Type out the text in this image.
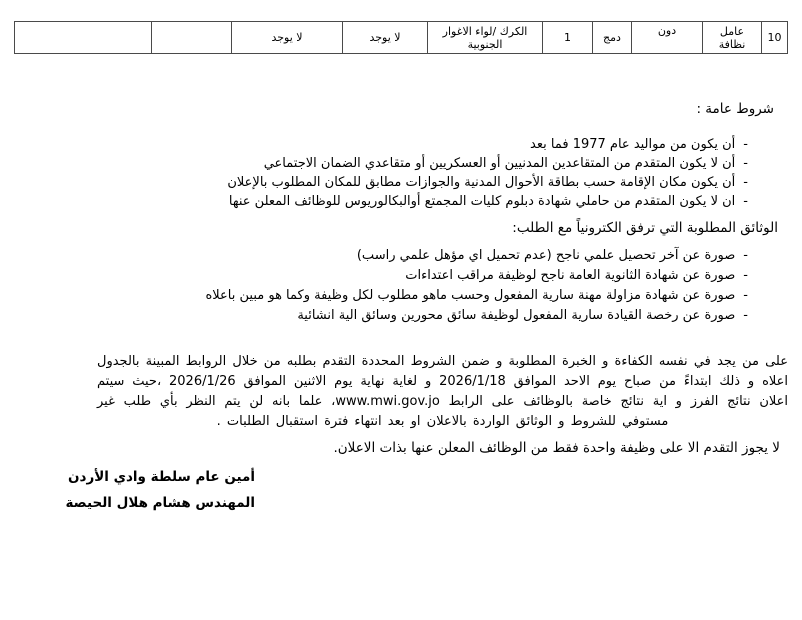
10	عامل نظافة	دون	دمج	1	الكرك /لواء الاغوار الجنوبية	لا يوجد	لا يوجد		
شروط عامة :
-
أن يكون من مواليد عام 1977 فما بعد
-
أن لا يكون المتقدم من المتقاعدين المدنيين أو العسكريين أو متقاعدي الضمان الاجتماعي
-
أن يكون مكان الإقامة حسب بطاقة الأحوال المدنية والجوازات مطابق للمكان المطلوب بالإعلان
-
ان لا يكون المتقدم من حاملي شهادة دبلوم كليات المجمتع أوالبكالوريوس للوظائف المعلن عنها
الوثائق المطلوبة التي ترفق الكترونياً مع الطلب:
-
صورة عن آخر تحصيل علمي ناجح (عدم تحميل اي مؤهل علمي راسب)
-
صورة عن شهادة الثانوية العامة ناجح لوظيفة مراقب اعتداءات
-
صورة عن شهادة مزاولة مهنة سارية المفعول وحسب ماهو مطلوب لكل وظيفة وكما هو مبين باعلاه
-
صورة عن رخصة القيادة سارية المفعول لوظيفة سائق محورين وسائق الية انشائية

على من يجد في نفسه الكفاءة و الخبرة المطلوبة و ضمن الشروط المحددة التقدم بطلبه من خلال الروابط المبينة بالجدول اعلاه و ذلك ابتداءً من صباح يوم الاحد الموافق 2026/1/18 و لغاية نهاية يوم الاثنين الموافق 2026/1/26 ،حيث سيتم اعلان نتائج الفرز و اية نتائج خاصة بالوظائف على الرابط www.mwi.gov.jo، علما بانه لن يتم النظر بأي طلب غير مستوفي للشروط و الوثائق الواردة بالاعلان او بعد انتهاء فترة استقبال الطلبات .

لا يجوز التقدم الا على وظيفة واحدة فقط من الوظائف المعلن عنها بذات الاعلان.
أمين عام سلطة وادي الأردن
المهندس هشام هلال الحيصة
